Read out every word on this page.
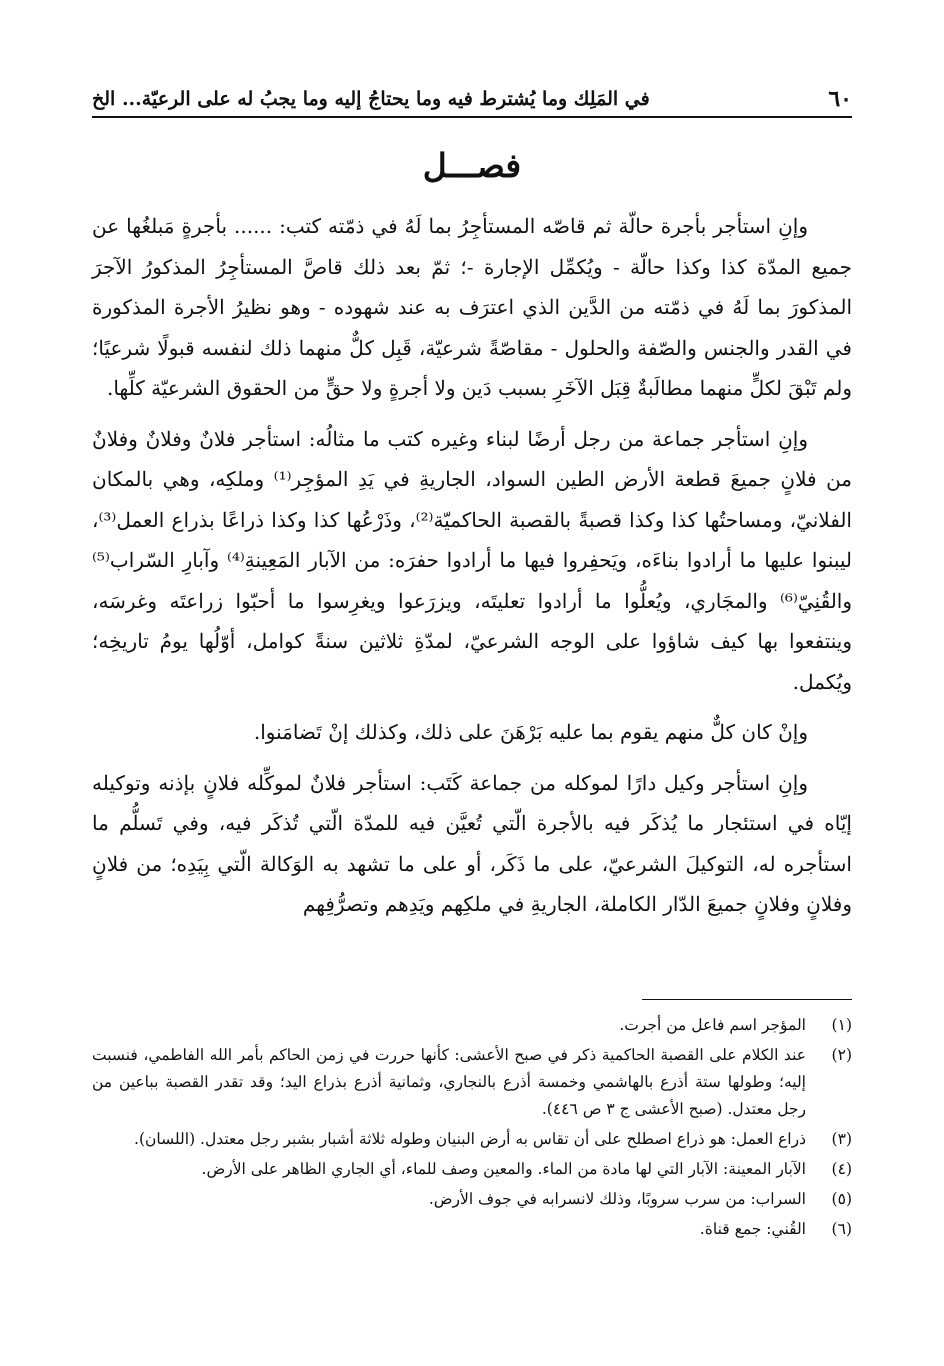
٦٠
في المَلِك وما يُشترط فيه وما يحتاجُ إليه وما يجبُ له على الرعيّة... الخ
فصـــل

وإنِ استأجر بأجرة حالّة ثم قاصّه المستأجِرُ بما لَهُ في ذمّته كتب: ...... بأجرةٍ مَبلغُها عن جميع المدّة كذا وكذا حالّة - ويُكمِّل الإجارة -؛ ثمّ بعد ذلك قاصَّ المستأجِرُ المذكورُ الآجرَ المذكورَ بما لَهُ في ذمّته من الدَّين الذي اعترَف به عند شهوده - وهو نظيرُ الأجرة المذكورة في القدر والجنس والصّفة والحلول - مقاصّةً شرعيّة، قَبِل كلٌّ منهما ذلك لنفسه قبولًا شرعيًا؛ ولم تَبْقَ لكلٍّ منهما مطالَبةٌ قِبَل الآخَرِ بسبب دَين ولا أجرةٍ ولا حقٍّ من الحقوق الشرعيّة كلِّها.

وإنِ استأجر جماعة من رجل أرضًا لبناء وغيره كتب ما مثالُه: استأجر فلانٌ وفلانٌ وفلانٌ من فلانٍ جميعَ قطعة الأرض الطين السواد، الجاريةِ في يَدِ المؤجِر⁽¹⁾ وملكِه، وهي بالمكان الفلانيّ، ومساحتُها كذا وكذا قصبةً بالقصبة الحاكميّة⁽²⁾، وذَرْعُها كذا وكذا ذراعًا بذراع العمل⁽³⁾، ليبنوا عليها ما أرادوا بناءَه، ويَحفِروا فيها ما أرادوا حفرَه: من الآبار المَعِينةِ⁽⁴⁾ وآبارِ السّراب⁽⁵⁾ والقُنِيّ⁽⁶⁾ والمجَاري، ويُعلُّوا ما أرادوا تعليتَه، ويزرَعوا ويغرِسوا ما أحبّوا زراعتَه وغرسَه، وينتفعوا بها كيف شاؤوا على الوجه الشرعيّ، لمدّةِ ثلاثين سنةً كوامل، أوّلُها يومُ تاريخِه؛ ويُكمل.

وإنْ كان كلٌّ منهم يقوم بما عليه بَرْهَنَ على ذلك، وكذلك إنْ تَضامَنوا.

وإنِ استأجر وكيل دارًا لموكله من جماعة كَتَب: استأجر فلانٌ لموكِّله فلانٍ بإذنه وتوكيله إيّاه في استئجار ما يُذكَر فيه بالأجرة الّتي تُعيَّن فيه للمدّة الّتي تُذكَر فيه، وفي تَسلُّم ما استأجره له، التوكيلَ الشرعيّ، على ما ذَكَر، أو على ما تشهد به الوَكالة الّتي بِيَدِه؛ من فلانٍ وفلانٍ وفلانٍ جميعَ الدّار الكاملة، الجاريةِ في ملكِهم ويَدِهم وتصرُّفِهم

(١)
المؤجر اسم فاعل من أجرت.
(٢)
عند الكلام على القصبة الحاكمية ذكر في صبح الأعشى: كأنها حررت في زمن الحاكم بأمر الله الفاطمي، فنسبت إليه؛ وطولها ستة أذرع بالهاشمي وخمسة أذرع بالنجاري، وثمانية أذرع بذراع اليد؛ وقد تقدر القصبة بباعين من رجل معتدل. (صبح الأعشى ج ٣ ص ٤٤٦).
(٣)
ذراع العمل: هو ذراع اصطلح على أن تقاس به أرض البنيان وطوله ثلاثة أشبار بشبر رجل معتدل. (اللسان).
(٤)
الآبار المعينة: الآبار التي لها مادة من الماء. والمعين وصف للماء، أي الجاري الظاهر على الأرض.
(٥)
السراب: من سرب سروبًا، وذلك لانسرابه في جوف الأرض.
(٦)
القُني: جمع قناة.
